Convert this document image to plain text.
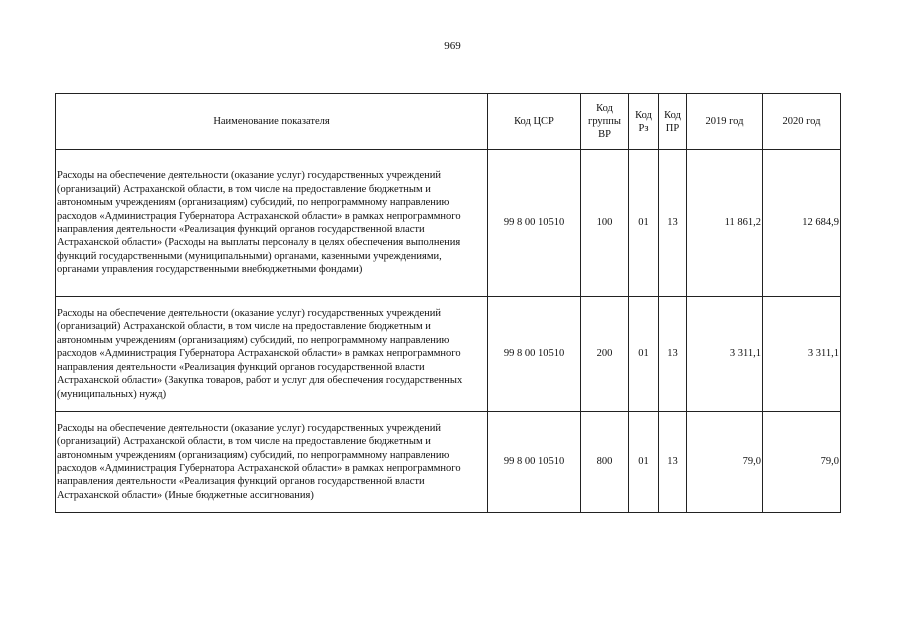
969
Наименование показателя	Код ЦСР	Код группы ВР	Код Рз	Код ПР	2019 год	2020 год
Расходы на обеспечение деятельности (оказание услуг) государственных учреждений (организаций) Астраханской области, в том числе на предоставление бюджетным и автономным учреждениям (организациям) субсидий, по непрограммному направлению расходов «Администрация Губернатора Астраханской области» в рамках непрограммного направления деятельности «Реализация функций органов государственной власти Астраханской области» (Расходы на выплаты персоналу в целях обеспечения выполнения функций государственными (муниципальными) органами, казенными учреждениями, органами управления государственными внебюджетными фондами)	99 8 00 10510	100	01	13	11 861,2	12 684,9
Расходы на обеспечение деятельности (оказание услуг) государственных учреждений (организаций) Астраханской области, в том числе на предоставление бюджетным и автономным учреждениям (организациям) субсидий, по непрограммному направлению расходов «Администрация Губернатора Астраханской области» в рамках непрограммного направления деятельности «Реализация функций органов государственной власти Астраханской области» (Закупка товаров, работ и услуг для обеспечения государственных (муниципальных) нужд)	99 8 00 10510	200	01	13	3 311,1	3 311,1
Расходы на обеспечение деятельности (оказание услуг) государственных учреждений (организаций) Астраханской области, в том числе на предоставление бюджетным и автономным учреждениям (организациям) субсидий, по непрограммному направлению расходов «Администрация Губернатора Астраханской области» в рамках непрограммного направления деятельности «Реализация функций органов государственной власти Астраханской области» (Иные бюджетные ассигнования)	99 8 00 10510	800	01	13	79,0	79,0
